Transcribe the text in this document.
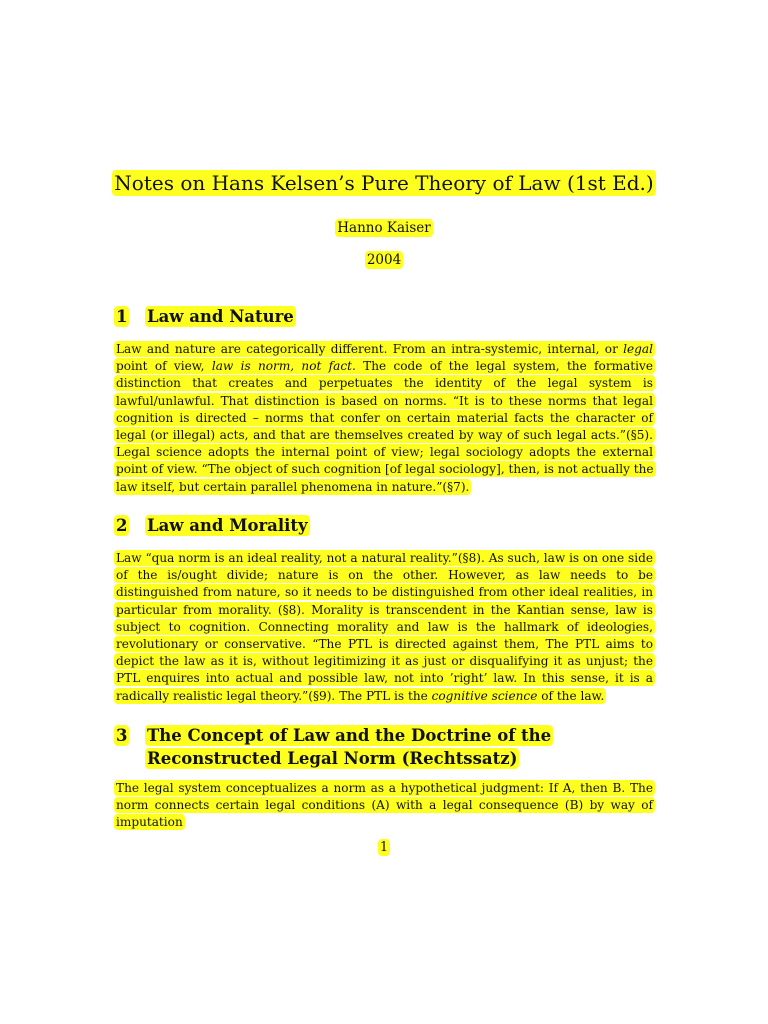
Notes on Hans Kelsen’s Pure Theory of Law (1st Ed.)
Hanno Kaiser
2004
1	Law and Nature

Law and nature are categorically different. From an intra-systemic, internal, or legal point of view, law is norm, not fact. The code of the legal system, the formative distinction that creates and perpetuates the identity of the legal system is lawful/unlawful. That distinction is based on norms. “It is to these norms that legal cognition is directed – norms that confer on certain material facts the character of legal (or illegal) acts, and that are themselves created by way of such legal acts.”(§5). Legal science adopts the internal point of view; legal sociology adopts the external point of view. “The object of such cognition [of legal sociology], then, is not actually the law itself, but certain parallel phenomena in nature.”(§7).

2	Law and Morality

Law “qua norm is an ideal reality, not a natural reality.”(§8). As such, law is on one side of the is/ought divide; nature is on the other. However, as law needs to be distinguished from nature, so it needs to be distinguished from other ideal realities, in particular from morality. (§8). Morality is transcendent in the Kantian sense, law is subject to cognition. Connecting morality and law is the hallmark of ideologies, revolutionary or conservative. “The PTL is directed against them, The PTL aims to depict the law as it is, without legitimizing it as just or disqualifying it as unjust; the PTL enquires into actual and possible law, not into ’right’ law. In this sense, it is a radically realistic legal theory.”(§9). The PTL is the cognitive science of the law.

3	The Concept of Law and the Doctrine of the Reconstructed Legal Norm (Rechtssatz)

The legal system conceptualizes a norm as a hypothetical judgment: If A, then B. The norm connects certain legal conditions (A) with a legal consequence (B) by way of imputation

1
